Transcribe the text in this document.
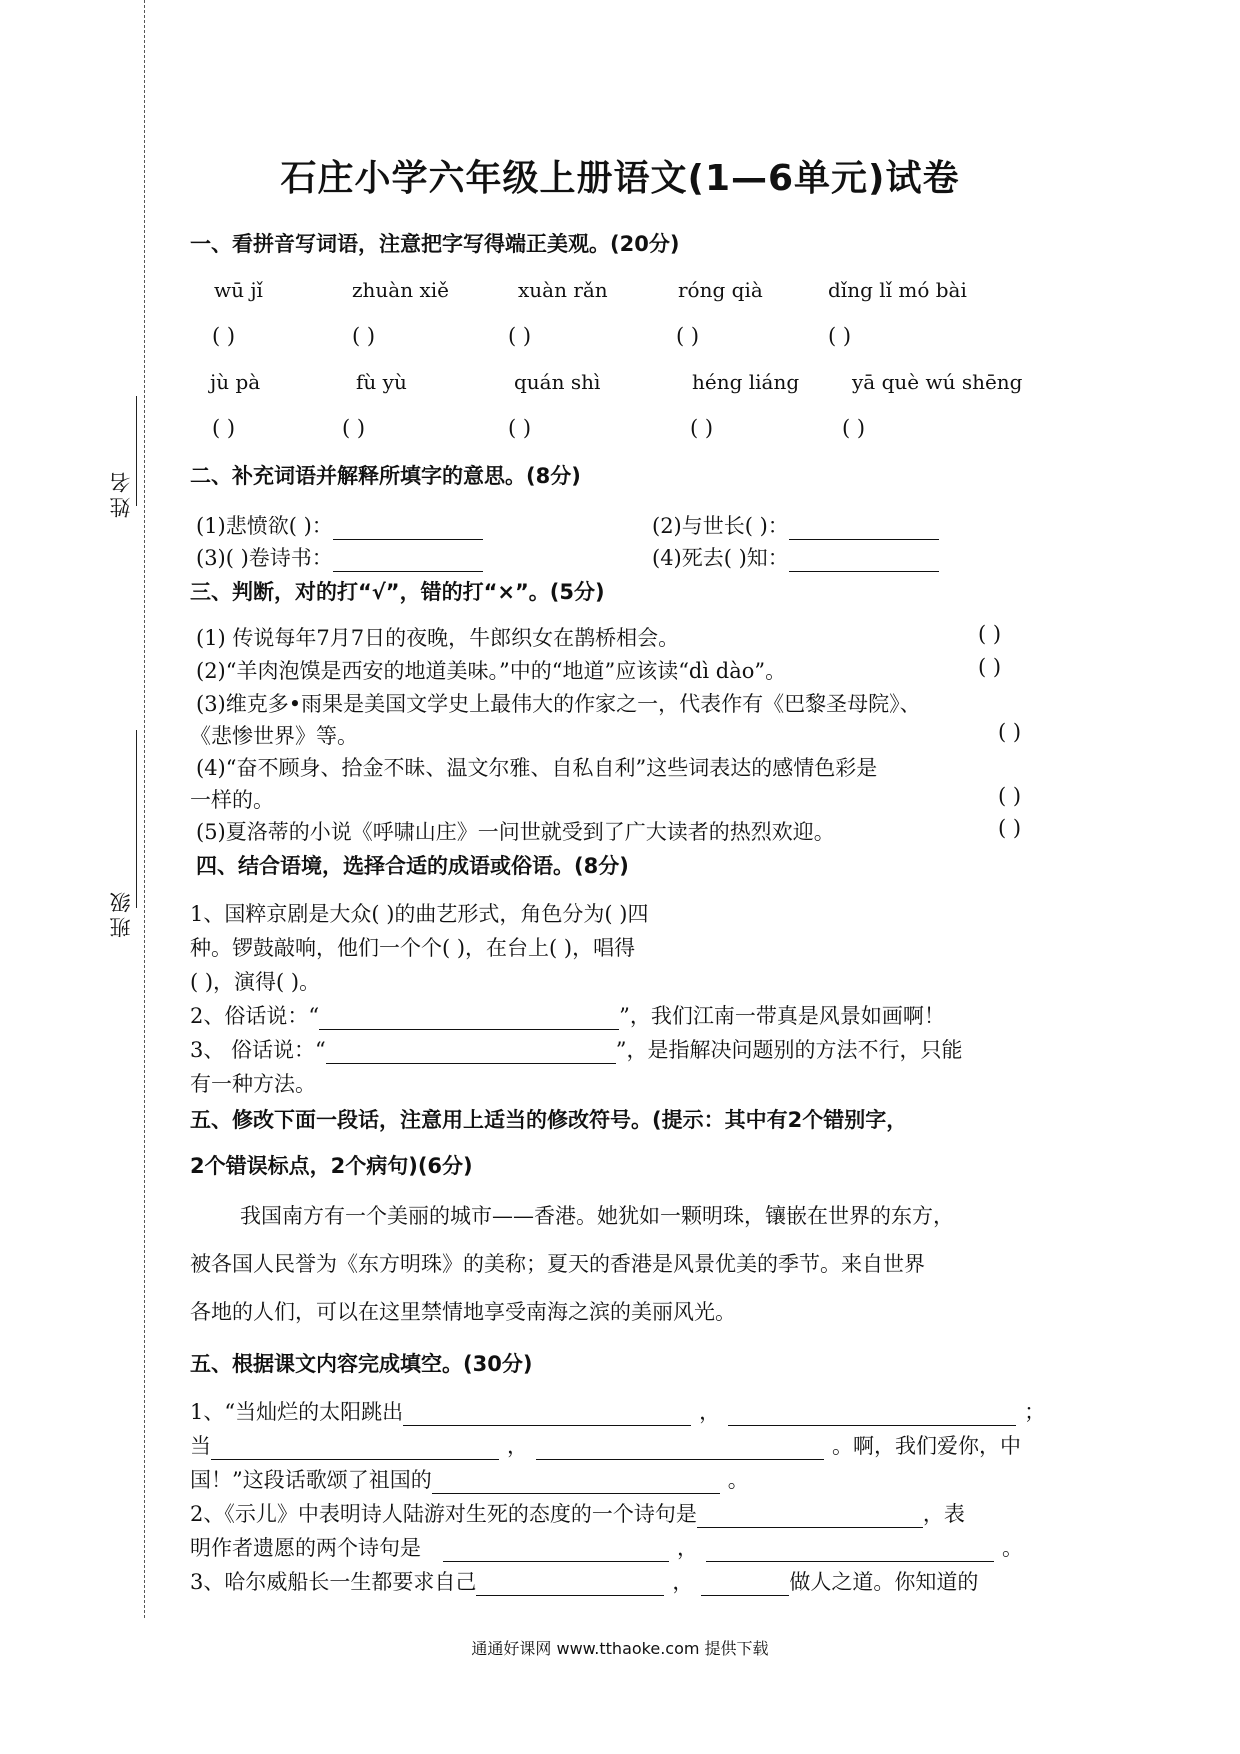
姓名
班级
石庄小学六年级上册语文(1—6单元)试卷
一、看拼音写词语，注意把字写得端正美观。(20分)
wū jǐ	zhuàn xiě	xuàn rǎn	róng qià	dǐng lǐ mó bài
( )	( )	( )	( )	( )
jù pà	fù yù	quán shì	héng liáng	yā què wú shēng
( )	( )	( )	( )	( )
二、补充词语并解释所填字的意思。(8分)
(1)悲愤欲( )：	(2)与世长( )：
(3)( )卷诗书：	(4)死去( )知：
三、判断，对的打“√”，错的打“×”。(5分)
(1) 传说每年7月7日的夜晚，牛郎织女在鹊桥相会。	( )
(2)“羊肉泡馍是西安的地道美味。”中的“地道”应该读“dì dào”。	( )
(3)维克多•雨果是美国文学史上最伟大的作家之一，代表作有《巴黎圣母院》、
《悲惨世界》等。	( )
(4)“奋不顾身、拾金不昧、温文尔雅、自私自利”这些词表达的感情色彩是
一样的。	( )
(5)夏洛蒂的小说《呼啸山庄》一问世就受到了广大读者的热烈欢迎。	( )
四、结合语境，选择合适的成语或俗语。(8分)
1、国粹京剧是大众( )的曲艺形式，角色分为( )四
种。锣鼓敲响，他们一个个( )，在台上( )，唱得
( )，演得( )。
2、俗话说：“	”，我们江南一带真是风景如画啊！
3、 俗话说：“	”，是指解决问题别的方法不行，只能
有一种方法。
五、修改下面一段话，注意用上适当的修改符号。(提示：其中有2个错别字，
2个错误标点，2个病句)(6分)
我国南方有一个美丽的城市——香港。她犹如一颗明珠，镶嵌在世界的东方，
被各国人民誉为《东方明珠》的美称；夏天的香港是风景优美的季节。来自世界
各地的人们，可以在这里禁情地享受南海之滨的美丽风光。
五、根据课文内容完成填空。(30分)
1、“当灿烂的太阳跳出	，	；
当	，	。啊，我们爱你，中
国！”这段话歌颂了祖国的	。
2、《示儿》中表明诗人陆游对生死的态度的一个诗句是	，表
明作者遗愿的两个诗句是	，	。
3、哈尔威船长一生都要求自己	，	做人之道。你知道的
通通好课网 www.tthaoke.com 提供下载
